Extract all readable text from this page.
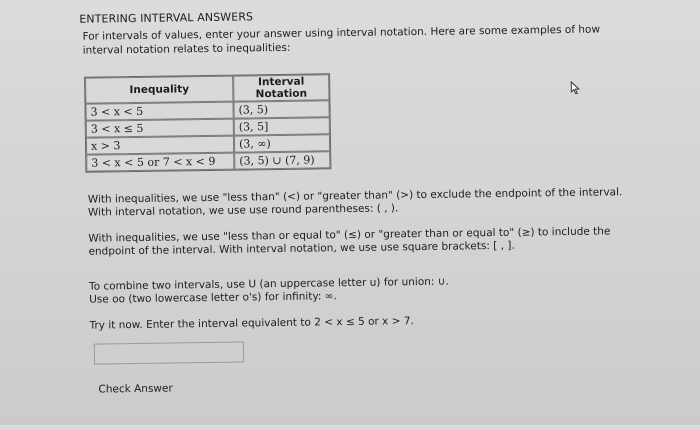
ENTERING INTERVAL ANSWERS
For intervals of values, enter your answer using interval notation. Here are some examples of how interval notation relates to inequalities:
Inequality	Interval Notation
3 < x < 5	(3, 5)
3 < x ≤ 5	(3, 5]
x > 3	(3, ∞)
3 < x < 5 or 7 < x < 9	(3, 5) ∪ (7, 9)
With inequalities, we use "less than" (<) or "greater than" (>) to exclude the endpoint of the interval. With interval notation, we use use round parentheses: ( , ).
With inequalities, we use "less than or equal to" (≤) or "greater than or equal to" (≥) to include the endpoint of the interval. With interval notation, we use use square brackets: [ , ].
To combine two intervals, use U (an uppercase letter u) for union: ∪.
Use oo (two lowercase letter o's) for infinity: ∞.
Try it now. Enter the interval equivalent to 2 < x ≤ 5 or x > 7.
Check Answer
